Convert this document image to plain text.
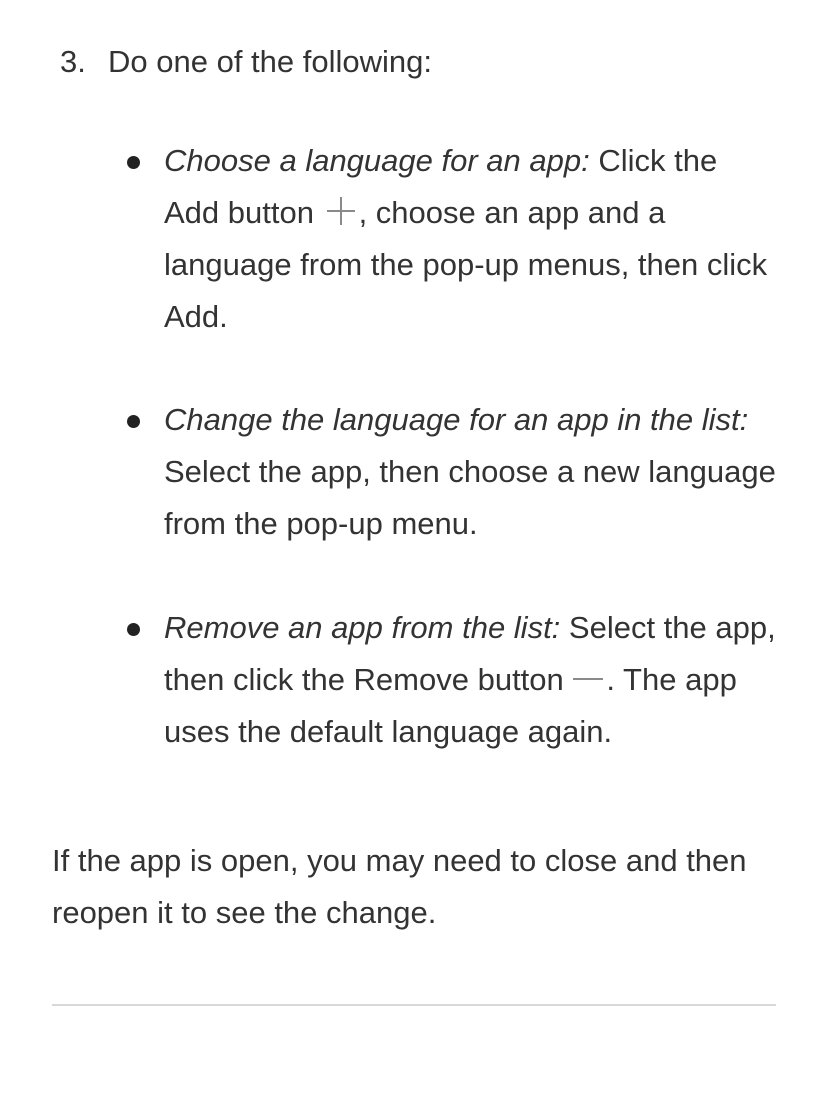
3. Do one of the following:
Choose a language for an app: Click the Add button , choose an app and a language from the pop-up menus, then click Add.
Change the language for an app in the list: Select the app, then choose a new language from the pop-up menu.
Remove an app from the list: Select the app, then click the Remove button . The app uses the default language again.

If the app is open, you may need to close and then reopen it to see the change.
